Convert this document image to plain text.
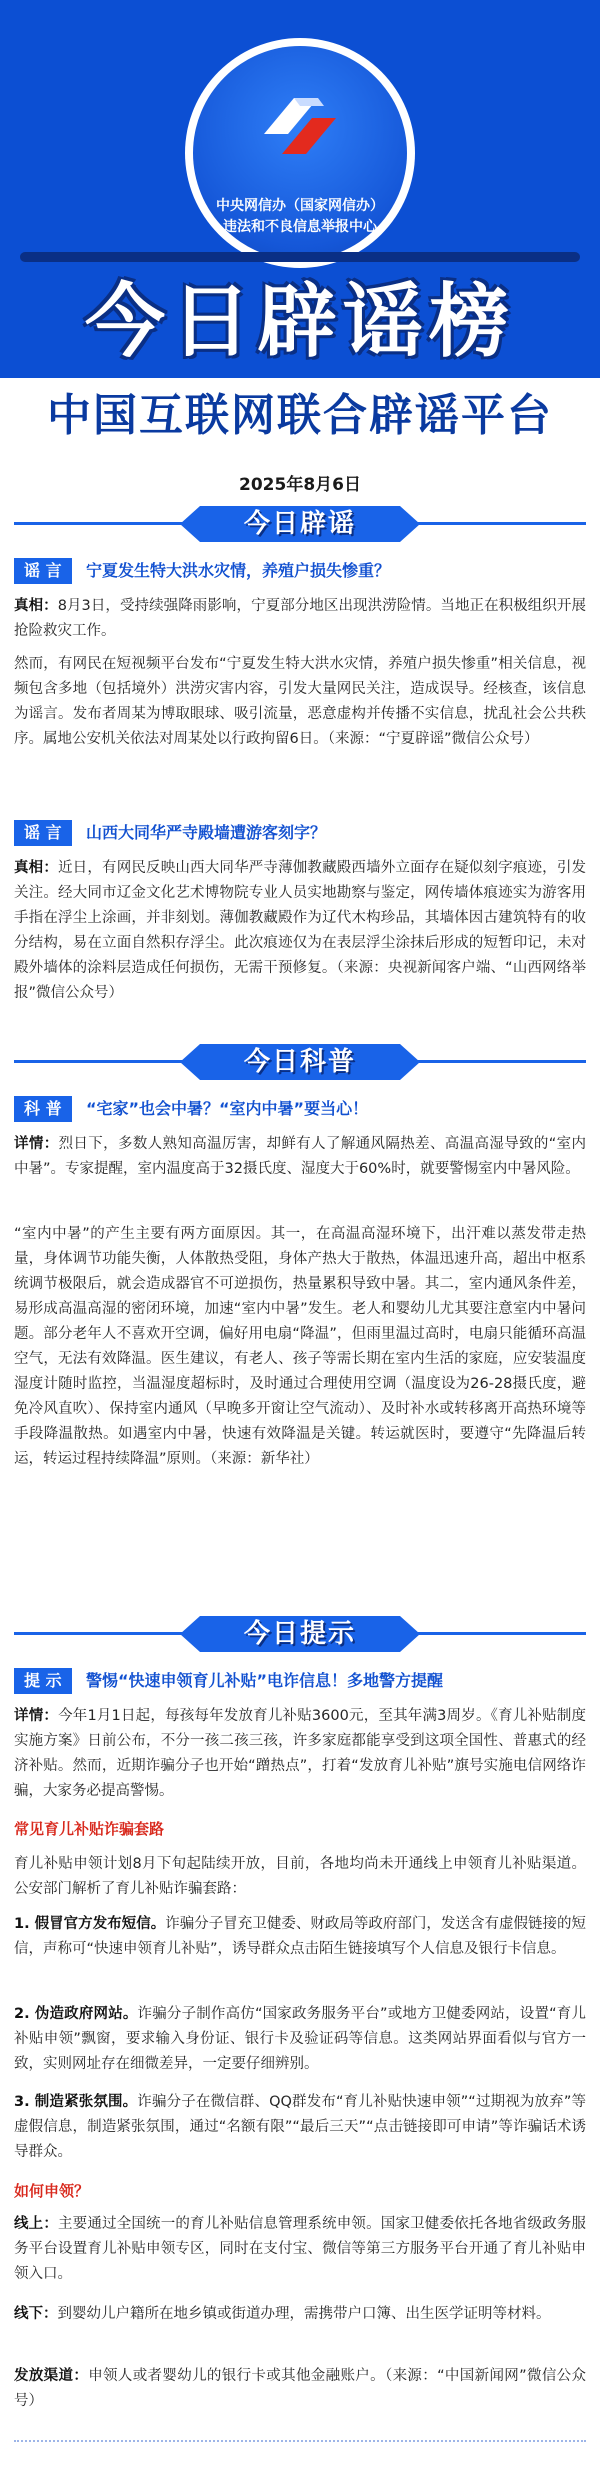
中央网信办（国家网信办）
违法和不良信息举报中心
今日辟谣榜
中国互联网联合辟谣平台
2025年8月6日
今日辟谣
谣 言	宁夏发生特大洪水灾情，养殖户损失惨重？
真相：8月3日，受持续强降雨影响，宁夏部分地区出现洪涝险情。当地正在积极组织开展抢险救灾工作。
然而，有网民在短视频平台发布“宁夏发生特大洪水灾情，养殖户损失惨重”相关信息，视频包含多地（包括境外）洪涝灾害内容，引发大量网民关注，造成误导。经核查，该信息为谣言。发布者周某为博取眼球、吸引流量，恶意虚构并传播不实信息，扰乱社会公共秩序。属地公安机关依法对周某处以行政拘留6日。（来源：“宁夏辟谣”微信公众号）
谣 言	山西大同华严寺殿墙遭游客刻字？
真相：近日，有网民反映山西大同华严寺薄伽教藏殿西墙外立面存在疑似刻字痕迹，引发关注。经大同市辽金文化艺术博物院专业人员实地勘察与鉴定，网传墙体痕迹实为游客用手指在浮尘上涂画，并非刻划。薄伽教藏殿作为辽代木构珍品，其墙体因古建筑特有的收分结构，易在立面自然积存浮尘。此次痕迹仅为在表层浮尘涂抹后形成的短暂印记，未对殿外墙体的涂料层造成任何损伤，无需干预修复。（来源：央视新闻客户端、“山西网络举报”微信公众号）
今日科普
科 普	“宅家”也会中暑？“室内中暑”要当心！
详情：烈日下，多数人熟知高温厉害，却鲜有人了解通风隔热差、高温高湿导致的“室内中暑”。专家提醒，室内温度高于32摄氏度、湿度大于60%时，就要警惕室内中暑风险。
“室内中暑”的产生主要有两方面原因。其一，在高温高湿环境下，出汗难以蒸发带走热量，身体调节功能失衡，人体散热受阻，身体产热大于散热，体温迅速升高，超出中枢系统调节极限后，就会造成器官不可逆损伤，热量累积导致中暑。其二，室内通风条件差，易形成高温高湿的密闭环境，加速“室内中暑”发生。老人和婴幼儿尤其要注意室内中暑问题。部分老年人不喜欢开空调，偏好用电扇“降温”，但雨里温过高时，电扇只能循环高温空气，无法有效降温。医生建议，有老人、孩子等需长期在室内生活的家庭，应安装温度湿度计随时监控，当温湿度超标时，及时通过合理使用空调（温度设为26-28摄氏度，避免冷风直吹）、保持室内通风（早晚多开窗让空气流动）、及时补水或转移离开高热环境等手段降温散热。如遇室内中暑，快速有效降温是关键。转运就医时，要遵守“先降温后转运，转运过程持续降温”原则。（来源：新华社）
今日提示
提 示	警惕“快速申领育儿补贴”电诈信息！多地警方提醒
详情：今年1月1日起，每孩每年发放育儿补贴3600元，至其年满3周岁。《育儿补贴制度实施方案》日前公布，不分一孩二孩三孩，许多家庭都能享受到这项全国性、普惠式的经济补贴。然而，近期诈骗分子也开始“蹭热点”，打着“发放育儿补贴”旗号实施电信网络诈骗，大家务必提高警惕。
常见育儿补贴诈骗套路
育儿补贴申领计划8月下旬起陆续开放，目前，各地均尚未开通线上申领育儿补贴渠道。公安部门解析了育儿补贴诈骗套路：
1. 假冒官方发布短信。诈骗分子冒充卫健委、财政局等政府部门，发送含有虚假链接的短信，声称可“快速申领育儿补贴”，诱导群众点击陌生链接填写个人信息及银行卡信息。
2. 伪造政府网站。诈骗分子制作高仿“国家政务服务平台”或地方卫健委网站，设置“育儿补贴申领”飘窗，要求输入身份证、银行卡及验证码等信息。这类网站界面看似与官方一致，实则网址存在细微差异，一定要仔细辨别。
3. 制造紧张氛围。诈骗分子在微信群、QQ群发布“育儿补贴快速申领”“过期视为放弃”等虚假信息，制造紧张氛围，通过“名额有限”“最后三天”“点击链接即可申请”等诈骗话术诱导群众。
如何申领？
线上：主要通过全国统一的育儿补贴信息管理系统申领。国家卫健委依托各地省级政务服务平台设置育儿补贴申领专区，同时在支付宝、微信等第三方服务平台开通了育儿补贴申领入口。
线下：到婴幼儿户籍所在地乡镇或街道办理，需携带户口簿、出生医学证明等材料。
发放渠道：申领人或者婴幼儿的银行卡或其他金融账户。（来源：“中国新闻网”微信公众号）
